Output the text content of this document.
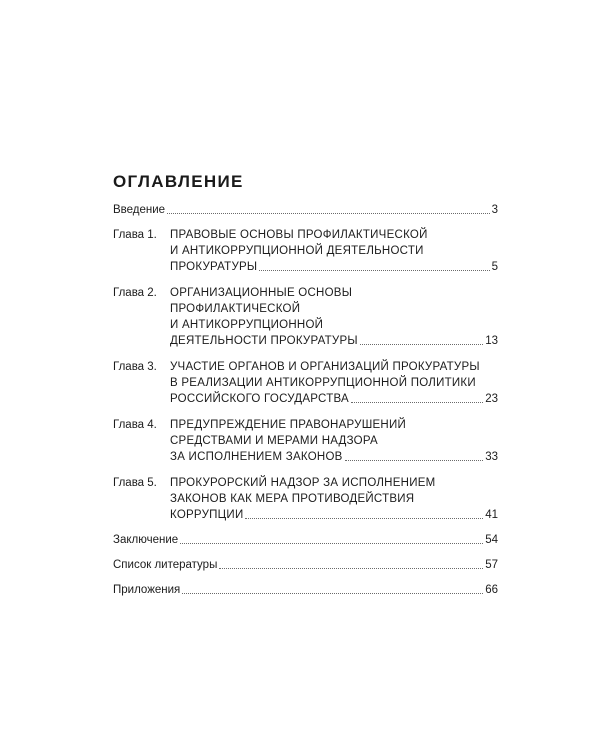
ОГЛАВЛЕНИЕ
Введение	3
Глава 1.	ПРАВОВЫЕ ОСНОВЫ ПРОФИЛАКТИЧЕСКОЙ
И АНТИКОРРУПЦИОННОЙ ДЕЯТЕЛЬНОСТИ
ПРОКУРАТУРЫ	5
Глава 2.	ОРГАНИЗАЦИОННЫЕ ОСНОВЫ
ПРОФИЛАКТИЧЕСКОЙ
И АНТИКОРРУПЦИОННОЙ
ДЕЯТЕЛЬНОСТИ ПРОКУРАТУРЫ	13
Глава 3.	УЧАСТИЕ ОРГАНОВ И ОРГАНИЗАЦИЙ ПРОКУРАТУРЫ
В РЕАЛИЗАЦИИ АНТИКОРРУПЦИОННОЙ ПОЛИТИКИ
РОССИЙСКОГО ГОСУДАРСТВА	23
Глава 4.	ПРЕДУПРЕЖДЕНИЕ ПРАВОНАРУШЕНИЙ
СРЕДСТВАМИ И МЕРАМИ НАДЗОРА
ЗА ИСПОЛНЕНИЕМ ЗАКОНОВ	33
Глава 5.	ПРОКУРОРСКИЙ НАДЗОР ЗА ИСПОЛНЕНИЕМ
ЗАКОНОВ КАК МЕРА ПРОТИВОДЕЙСТВИЯ
КОРРУПЦИИ	41
Заключение	54
Список литературы	57
Приложения	66
